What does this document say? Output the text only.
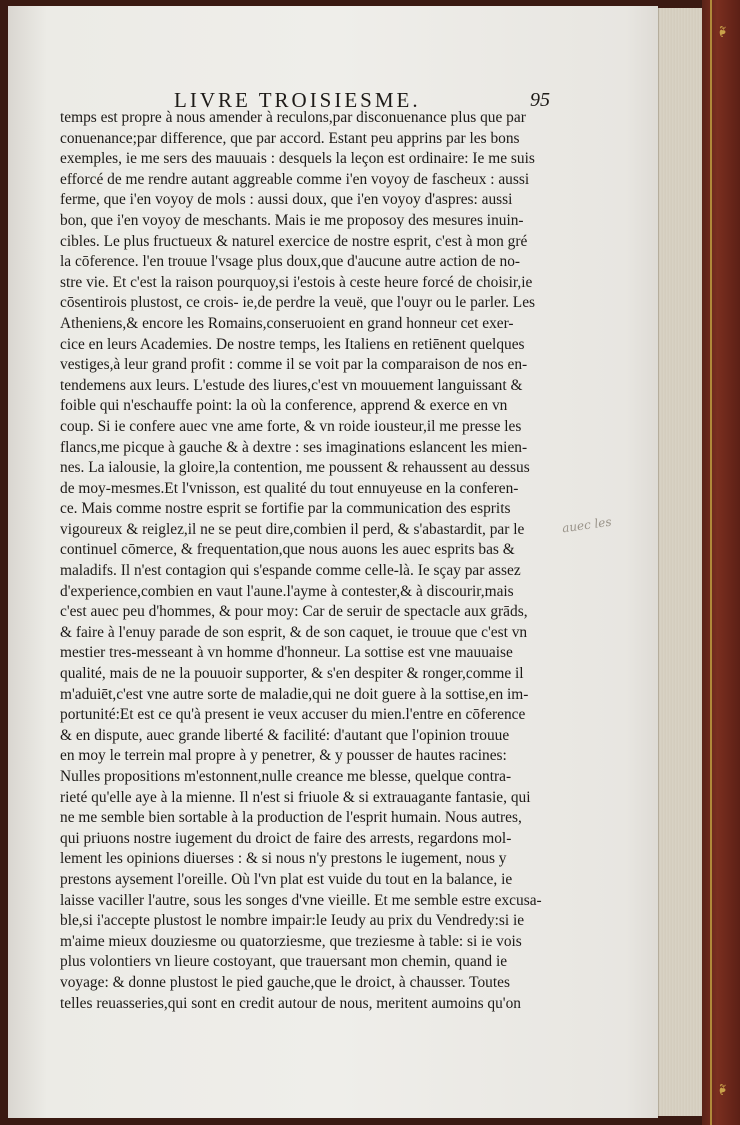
❧
❧
LIVRE TROISIESME.	95
temps est propre à nous amender à reculons,par disconuenance plus que par
conuenance;par difference, que par accord. Estant peu apprins par les bons
exemples, ie me sers des mauuais : desquels la leçon est ordinaire: Ie me suis
efforcé de me rendre autant aggreable comme i'en voyoy de fascheux : aussi
ferme, que i'en voyoy de mols : aussi doux, que i'en voyoy d'aspres: aussi
bon, que i'en voyoy de meschants. Mais ie me proposoy des mesures inuin-
cibles. Le plus fructueux & naturel exercice de nostre esprit, c'est à mon gré
la cōference. l'en trouue l'vsage plus doux,que d'aucune autre action de no-
stre vie. Et c'est la raison pourquoy,si i'estois à ceste heure forcé de choisir,ie
cōsentirois plustost, ce crois- ie,de perdre la veuë, que l'ouyr ou le parler. Les
Atheniens,& encore les Romains,conseruoient en grand honneur cet exer-
cice en leurs Academies. De nostre temps, les Italiens en retiēnent quelques
vestiges,à leur grand profit : comme il se voit par la comparaison de nos en-
tendemens aux leurs. L'estude des liures,c'est vn mouuement languissant &
foible qui n'eschauffe point: la où la conference, apprend & exerce en vn
coup. Si ie confere auec vne ame forte, & vn roide iousteur,il me presse les
flancs,me picque à gauche & à dextre : ses imaginations eslancent les mien-
nes. La ialousie, la gloire,la contention, me poussent & rehaussent au dessus
de moy-mesmes.Et l'vnisson, est qualité du tout ennuyeuse en la conferen-
ce. Mais comme nostre esprit se fortifie par la communication des esprits
vigoureux & reiglez,il ne se peut dire,combien il perd, & s'abastardit, par le
continuel cōmerce, & frequentation,que nous auons les auec esprits bas &
maladifs. Il n'est contagion qui s'espande comme celle-là. Ie sçay par assez
d'experience,combien en vaut l'aune.l'ayme à contester,& à discourir,mais
c'est auec peu d'hommes, & pour moy: Car de seruir de spectacle aux grāds,
& faire à l'enuy parade de son esprit, & de son caquet, ie trouue que c'est vn
mestier tres-messeant à vn homme d'honneur. La sottise est vne mauuaise
qualité, mais de ne la pouuoir supporter, & s'en despiter & ronger,comme il
m'aduiēt,c'est vne autre sorte de maladie,qui ne doit guere à la sottise,en im-
portunité:Et est ce qu'à present ie veux accuser du mien.l'entre en cōference
& en dispute, auec grande liberté & facilité: d'autant que l'opinion trouue
en moy le terrein mal propre à y penetrer, & y pousser de hautes racines:
Nulles propositions m'estonnent,nulle creance me blesse, quelque contra-
rieté qu'elle aye à la mienne. Il n'est si friuole & si extrauagante fantasie, qui
ne me semble bien sortable à la production de l'esprit humain. Nous autres,
qui priuons nostre iugement du droict de faire des arrests, regardons mol-
lement les opinions diuerses : & si nous n'y prestons le iugement, nous y
prestons aysement l'oreille. Où l'vn plat est vuide du tout en la balance, ie
laisse vaciller l'autre, sous les songes d'vne vieille. Et me semble estre excusa-
ble,si i'accepte plustost le nombre impair:le Ieudy au prix du Vendredy:si ie
m'aime mieux douziesme ou quatorziesme, que treziesme à table: si ie vois
plus volontiers vn lieure costoyant, que trauersant mon chemin, quand ie
voyage: & donne plustost le pied gauche,que le droict, à chausser. Toutes
telles reuasseries,qui sont en credit autour de nous, meritent aumoins qu'on
auec les
